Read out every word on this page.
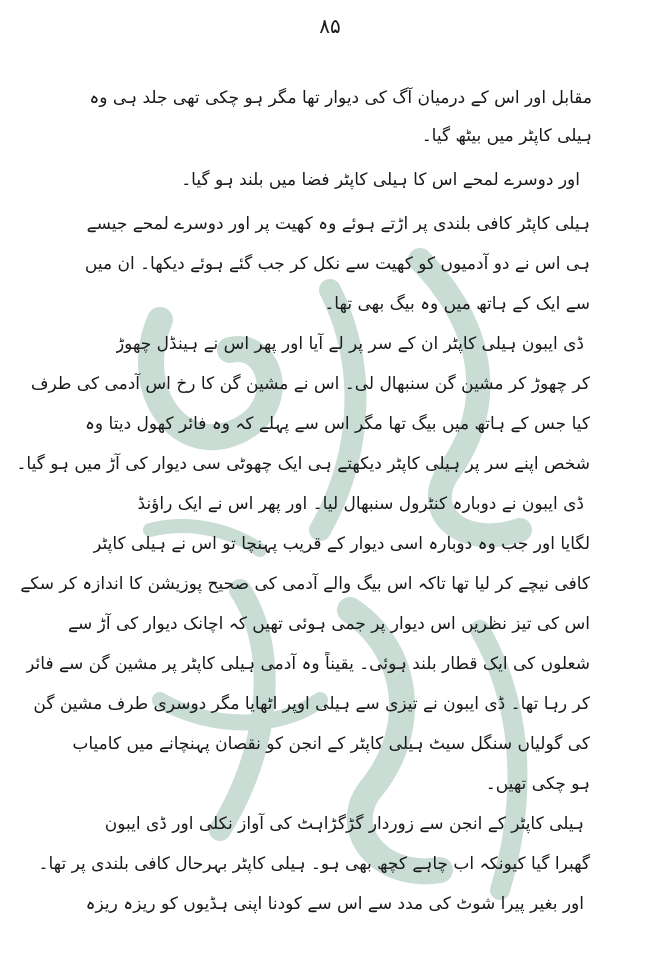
۸۵
مقابل اور اس کے درمیان آگ کی دیوار تھا مگر ہو چکی تھی جلد ہی وہ
ہیلی کاپٹر میں بیٹھ گیا۔
اور دوسرے لمحے اس کا ہیلی کاپٹر فضا میں بلند ہو گیا۔
ہیلی کاپٹر کافی بلندی پر اڑتے ہوئے وہ کھیت پر اور دوسرے لمحے جیسے
ہی اس نے دو آدمیوں کو کھیت سے نکل کر جب گئے ہوئے دیکھا۔ ان میں
سے ایک کے ہاتھ میں وہ بیگ بھی تھا۔
ڈی ایبون ہیلی کاپٹر ان کے سر پر لے آیا اور پھر اس نے ہینڈل چھوڑ
کر چھوڑ کر مشین گن سنبھال لی۔ اس نے مشین گن کا رخ اس آدمی کی طرف
کیا جس کے ہاتھ میں بیگ تھا مگر اس سے پہلے کہ وہ فائر کھول دیتا وہ
شخص اپنے سر پر ہیلی کاپٹر دیکھتے ہی ایک چھوٹی سی دیوار کی آڑ میں ہو گیا۔
ڈی ایبون نے دوبارہ کنٹرول سنبھال لیا۔ اور پھر اس نے ایک راؤنڈ
لگایا اور جب وہ دوبارہ اسی دیوار کے قریب پہنچا تو اس نے ہیلی کاپٹر
کافی نیچے کر لیا تھا تاکہ اس بیگ والے آدمی کی صحیح پوزیشن کا اندازہ کر سکے
اس کی تیز نظریں اس دیوار پر جمی ہوئی تھیں کہ اچانک دیوار کی آڑ سے
شعلوں کی ایک قطار بلند ہوئی۔ یقیناً وہ آدمی ہیلی کاپٹر پر مشین گن سے فائر
کر رہا تھا۔ ڈی ایبون نے تیزی سے ہیلی اوپر اٹھایا مگر دوسری طرف مشین گن
کی گولیاں سنگل سیٹ ہیلی کاپٹر کے انجن کو نقصان پہنچانے میں کامیاب
ہو چکی تھیں۔
ہیلی کاپٹر کے انجن سے زوردار گڑگڑاہٹ کی آواز نکلی اور ڈی ایبون
گھبرا گیا کیونکہ اب چاہے کچھ بھی ہو۔ ہیلی کاپٹر بہرحال کافی بلندی پر تھا۔
اور بغیر پیرا شوٹ کی مدد سے اس سے کودنا اپنی ہڈیوں کو ریزہ ریزہ
